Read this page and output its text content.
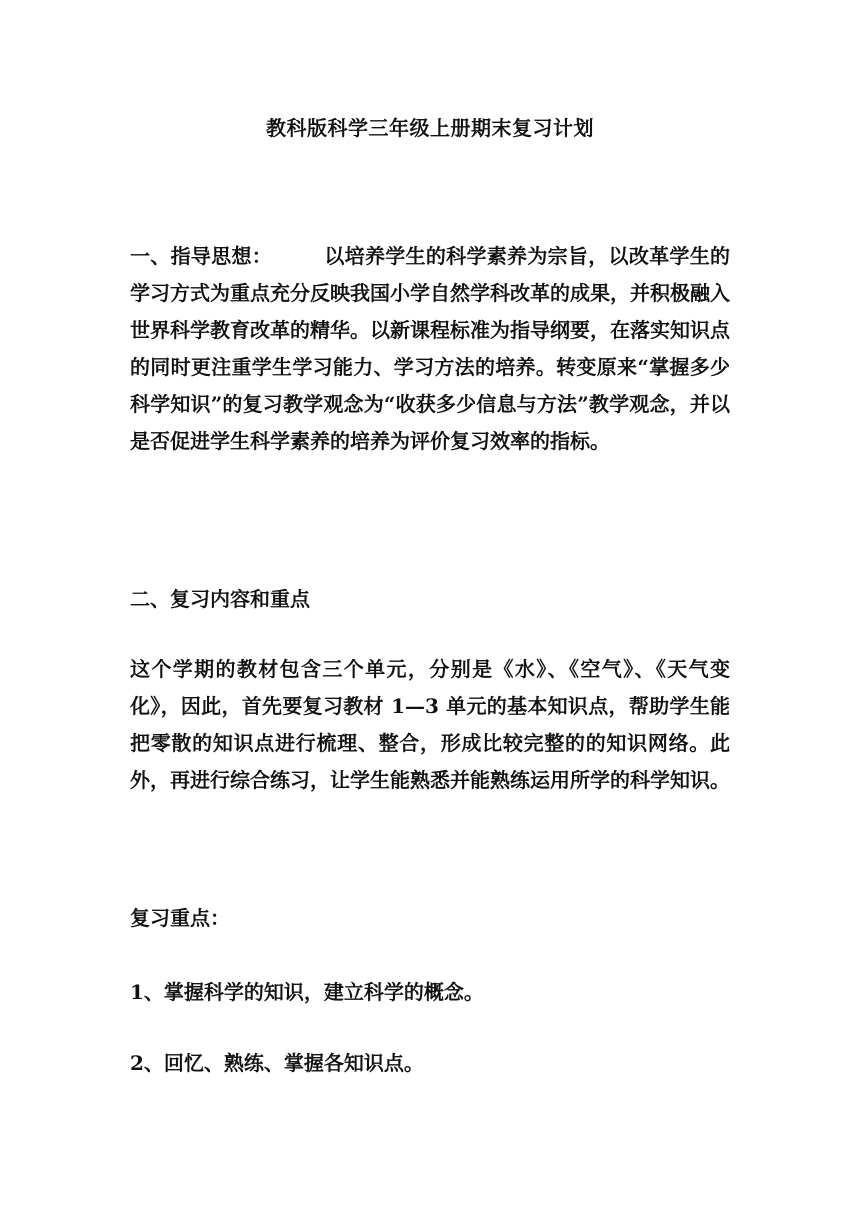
教科版科学三年级上册期末复习计划

一、指导思想：	以培养学生的科学素养为宗旨，以改革学生的学习方式为重点充分反映我国小学自然学科改革的成果，并积极融入世界科学教育改革的精华。以新课程标准为指导纲要，在落实知识点的同时更注重学生学习能力、学习方法的培养。转变原来“掌握多少科学知识”的复习教学观念为“收获多少信息与方法”教学观念，并以是否促进学生科学素养的培养为评价复习效率的指标。

二、复习内容和重点
这个学期的教材包含三个单元，分别是《水》、《空气》、《天气变化》，因此，首先要复习教材 1—3 单元的基本知识点，帮助学生能把零散的知识点进行梳理、整合，形成比较完整的的知识网络。此外，再进行综合练习，让学生能熟悉并能熟练运用所学的科学知识。
复习重点：
1、掌握科学的知识，建立科学的概念。
2、回忆、熟练、掌握各知识点。
